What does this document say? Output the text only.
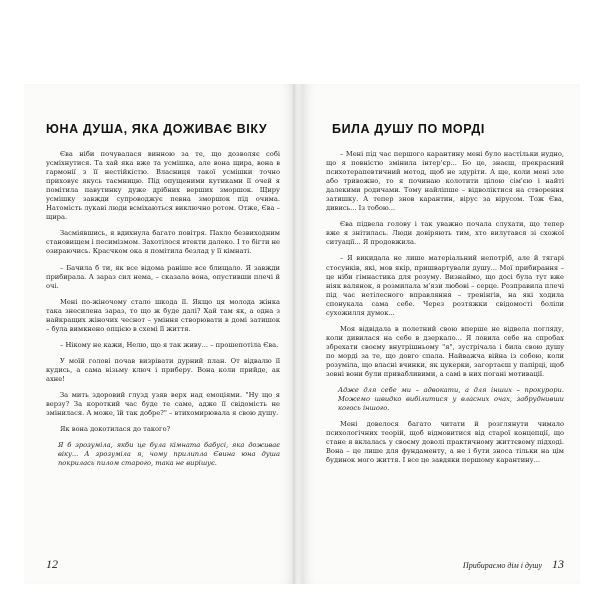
ЮНА ДУША, ЯКА ДОЖИВАЄ ВІКУ

Єва ніби почувалася винною за те, що дозволяє собі усміхнутися. Та хай яка вже та усмішка, але вона щира, вона в гармонії з її нестійкістю. Власниця такої усмішки точно приховує якусь таємницю. Під опущеними кутиками її очей я помітила павутинку дуже дрібних верших зморшок. Щиру усмішку завжди супроводжує певна зморшок під очима. Натомість лукаві люди всміхаються виключно ротом. Отже, Єва – щира.

Засміявшись, я вдихнула багато повітря. Пахло безвиходним становищем і песимізмом. Захотілося втекти далеко. І то бігти не озираючись. Красчком ока я помітила безлад у її кімнаті.

– Бачила б ти, як все відома раніше все блищало. Я завжди прибирала. А зараз сил нема, – сказала вона, опустивши плечі й очі.

Мені по-жіночому стало шкода її. Якщо ця молода жінка така знесилена зараз, то що ж буде далі? Хай там як, а одна з найкращих жіночих чеснот – уміння створювати в домі затишок – була вимкнено опцією в схемі її життя.

– Нікому не кажи, Нелю, що я так живу... – прошепотіла Єва.

У моїй голові почав визрівати дурний план. От відвалю її кудись, а сама візьму ключ і приберу. Вона коли прийде, ак ахне!

За мить здоровий глузд узяв верх над емоціями. "Ну що я верзу? За короткий час буде те саме, адже її свідомість не змінилася. А може, їй так добре?" – втихомирювала я свою душу.

Як вона докотилася до такого?

Я б зрозуміла, якби це була кімната бабусі, яка доживає віку... А зрозуміла я, чому прилипла Євина юна душа покрилась пилом старого, така не вирішує.

12
БИЛА ДУШУ ПО МОРДІ

– Мені під час першого карантину мені було настільки нудно, що я повністю змінила інтер'єр... Бо це, знаєш, прекрасний психотерапевтичний метод, щоб не здуріти. А ще, коли мені зле або тривожно, то я починаю колотити цілою сім'єю і найті далекими родичами. Тому найліпше – відволіктися на створення затишку. А тепер знов карантин, вірус за вірусом. Тож Єва, дивись... Із тобою...

Єва підвела голову і так уважно почала слухати, що тепер вже я знітилась. Люди довіряють тим, хто вилутався зі схожої ситуації... Я продовжила.

– Я викидала не лише матеріальний непотріб, але й тягарі стосунків, які, мов якір, пришвартували душу... Мої прибирання – це ніби гімнастика для розуму. Визнаймо, що досі була тут вже ніяк валянок, я розмилала мʼязи любові – серце. Розправила плечі під час нетілесного вправляння – тренінгів, на які ходила спонукала сама себе. Через розтяжки свідомості боліли сухожилля думок...

Моя відвідала в полетний свою вперше не відвела погляду, коли дивилася на себе в дзеркало... Я ловила себе на спробах збрехати своєму внутрішньому "я", зустрічала і била свою душу по морді за те, що довго спала. Найважча війна із собою, коли розуміла, що власні вчинки, як цукерки, загортаєш у папірці, щоб зовні вони були привабливими, а самі в них погані мотивації.

Адже для себе ми – адвокати, а для інших – прокурори. Можемо швидко вибілитися у власних очах, забруднивши когось іншого.

Мені довелося багато читати й розглянути чимало психологічних теорій, щоб відмовитися від старої концепції, що стане я вклалась у своєму доволі практичному життєвому підході. Вона – це лише для фундаменту, а не і бути зноса тільки на цім будинок мого життя. І все це завдяки першому карантину...

Прибираємо дім і душу 13
